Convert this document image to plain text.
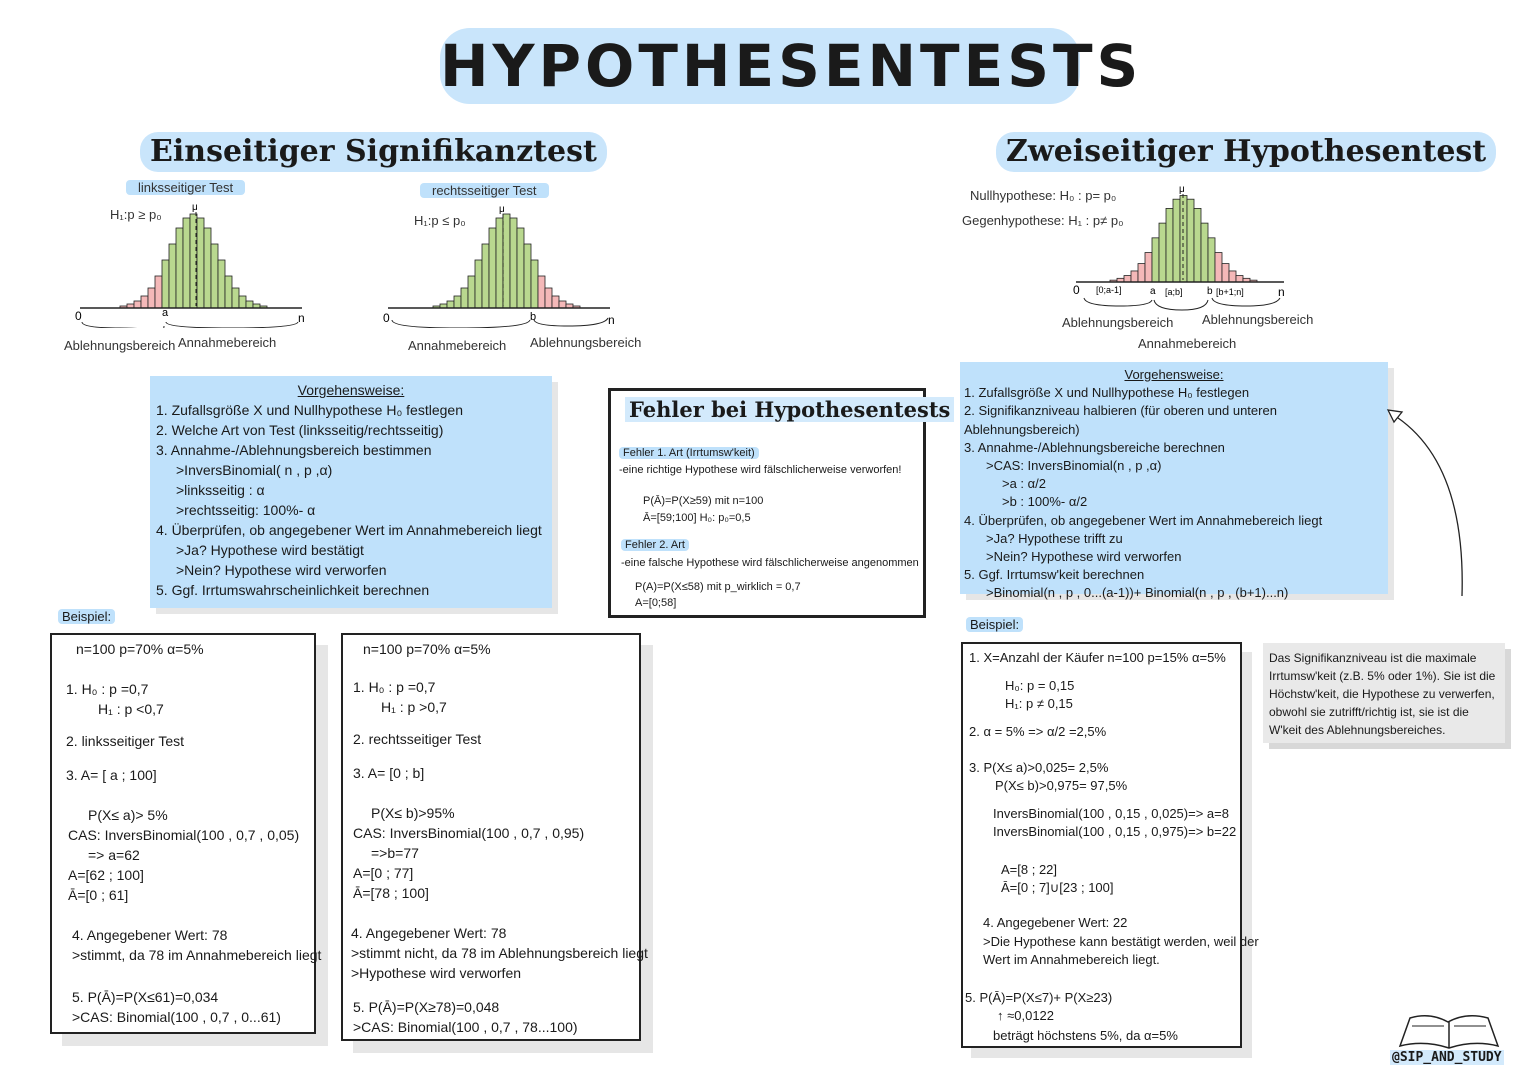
HYPOTHESENTESTS
Einseitiger Signifikanztest
linksseitiger Test
H₁:p ≥ p₀
0	n
a
μ
Ablehnungsbereich Annahmebereich
rechtsseitiger Test
H₁:p ≤ p₀
0	n
b
μ
Annahmebereich Ablehnungsbereich
Vorgehensweise:
1. Zufallsgröße X und Nullhypothese H₀ festlegen
2. Welche Art von Test (linksseitig/rechtsseitig)
3. Annahme-/Ablehnungsbereich bestimmen
>InversBinomial( n , p ,α)
>linksseitig : α
>rechtsseitig: 100%- α
4. Überprüfen, ob angegebener Wert im Annahmebereich liegt
>Ja? Hypothese wird bestätigt
>Nein? Hypothese wird verworfen
5. Ggf. Irrtumswahrscheinlichkeit berechnen
Beispiel:
n=100 p=70% α=5%
1. H₀ : p =0,7
H₁ : p <0,7
2. linksseitiger Test
3. A= [ a ; 100]
P(X≤ a)> 5%
CAS: InversBinomial(100 , 0,7 , 0,05)
=> a=62
A=[62 ; 100]
Ā=[0 ; 61]
4. Angegebener Wert: 78
>stimmt, da 78 im Annahmebereich liegt
5. P(Ā)=P(X≤61)=0,034
>CAS: Binomial(100 , 0,7 , 0...61)
n=100 p=70% α=5%
1. H₀ : p =0,7
H₁ : p >0,7
2. rechtsseitiger Test
3. A= [0 ; b]
P(X≤ b)>95%
CAS: InversBinomial(100 , 0,7 , 0,95)
=>b=77
A=[0 ; 77]
Ā=[78 ; 100]
4. Angegebener Wert: 78
>stimmt nicht, da 78 im Ablehnungsbereich liegt
>Hypothese wird verworfen
5. P(Ā)=P(X≥78)=0,048
>CAS: Binomial(100 , 0,7 , 78...100)
Fehler bei Hypothesentests
Fehler 1. Art (Irrtumsw'keit)
-eine richtige Hypothese wird fälschlicherweise verworfen!
P(Ā)=P(X≥59) mit n=100
Ā=[59;100] H₀: p₀=0,5
Fehler 2. Art
-eine falsche Hypothese wird fälschlicherweise angenommen
P(A)=P(X≤58) mit p_wirklich = 0,7
A=[0;58]
Zweiseitiger Hypothesentest
Nullhypothese: H₀ : p= p₀
Gegenhypothese: H₁ : p≠ p₀
0	n
a	b
[0;a-1]	[a;b]	[b+1;n]
μ
Ablehnungsbereich Ablehnungsbereich
Annahmebereich
Vorgehensweise:
1. Zufallsgröße X und Nullhypothese H₀ festlegen
2. Signifikanzniveau halbieren (für oberen und unteren Ablehnungsbereich)
3. Annahme-/Ablehnungsbereiche berechnen
>CAS: InversBinomial(n , p ,α)
>a : α/2
>b : 100%- α/2
4. Überprüfen, ob angegebener Wert im Annahmebereich liegt
>Ja? Hypothese trifft zu
>Nein? Hypothese wird verworfen
5. Ggf. Irrtumsw'keit berechnen
>Binomial(n , p , 0...(a-1))+ Binomial(n , p , (b+1)...n)
Beispiel:
1. X=Anzahl der Käufer n=100 p=15% α=5%
H₀: p = 0,15
H₁: p ≠ 0,15
2. α = 5% => α/2 =2,5%
3. P(X≤ a)>0,025= 2,5%
P(X≤ b)>0,975= 97,5%
InversBinomial(100 , 0,15 , 0,025)=> a=8
InversBinomial(100 , 0,15 , 0,975)=> b=22
A=[8 ; 22]
Ā=[0 ; 7]∪[23 ; 100]
4. Angegebener Wert: 22
>Die Hypothese kann bestätigt werden, weil der
Wert im Annahmebereich liegt.
5. P(Ā)=P(X≤7)+ P(X≥23)
↑ ≈0,0122
beträgt höchstens 5%, da α=5%
Das Signifikanzniveau ist die maximale Irrtumsw'keit (z.B. 5% oder 1%). Sie ist die Höchstw'keit, die Hypothese zu verwerfen, obwohl sie zutrifft/richtig ist, sie ist die W'keit des Ablehnungsbereiches.
@SIP_AND_STUDY
